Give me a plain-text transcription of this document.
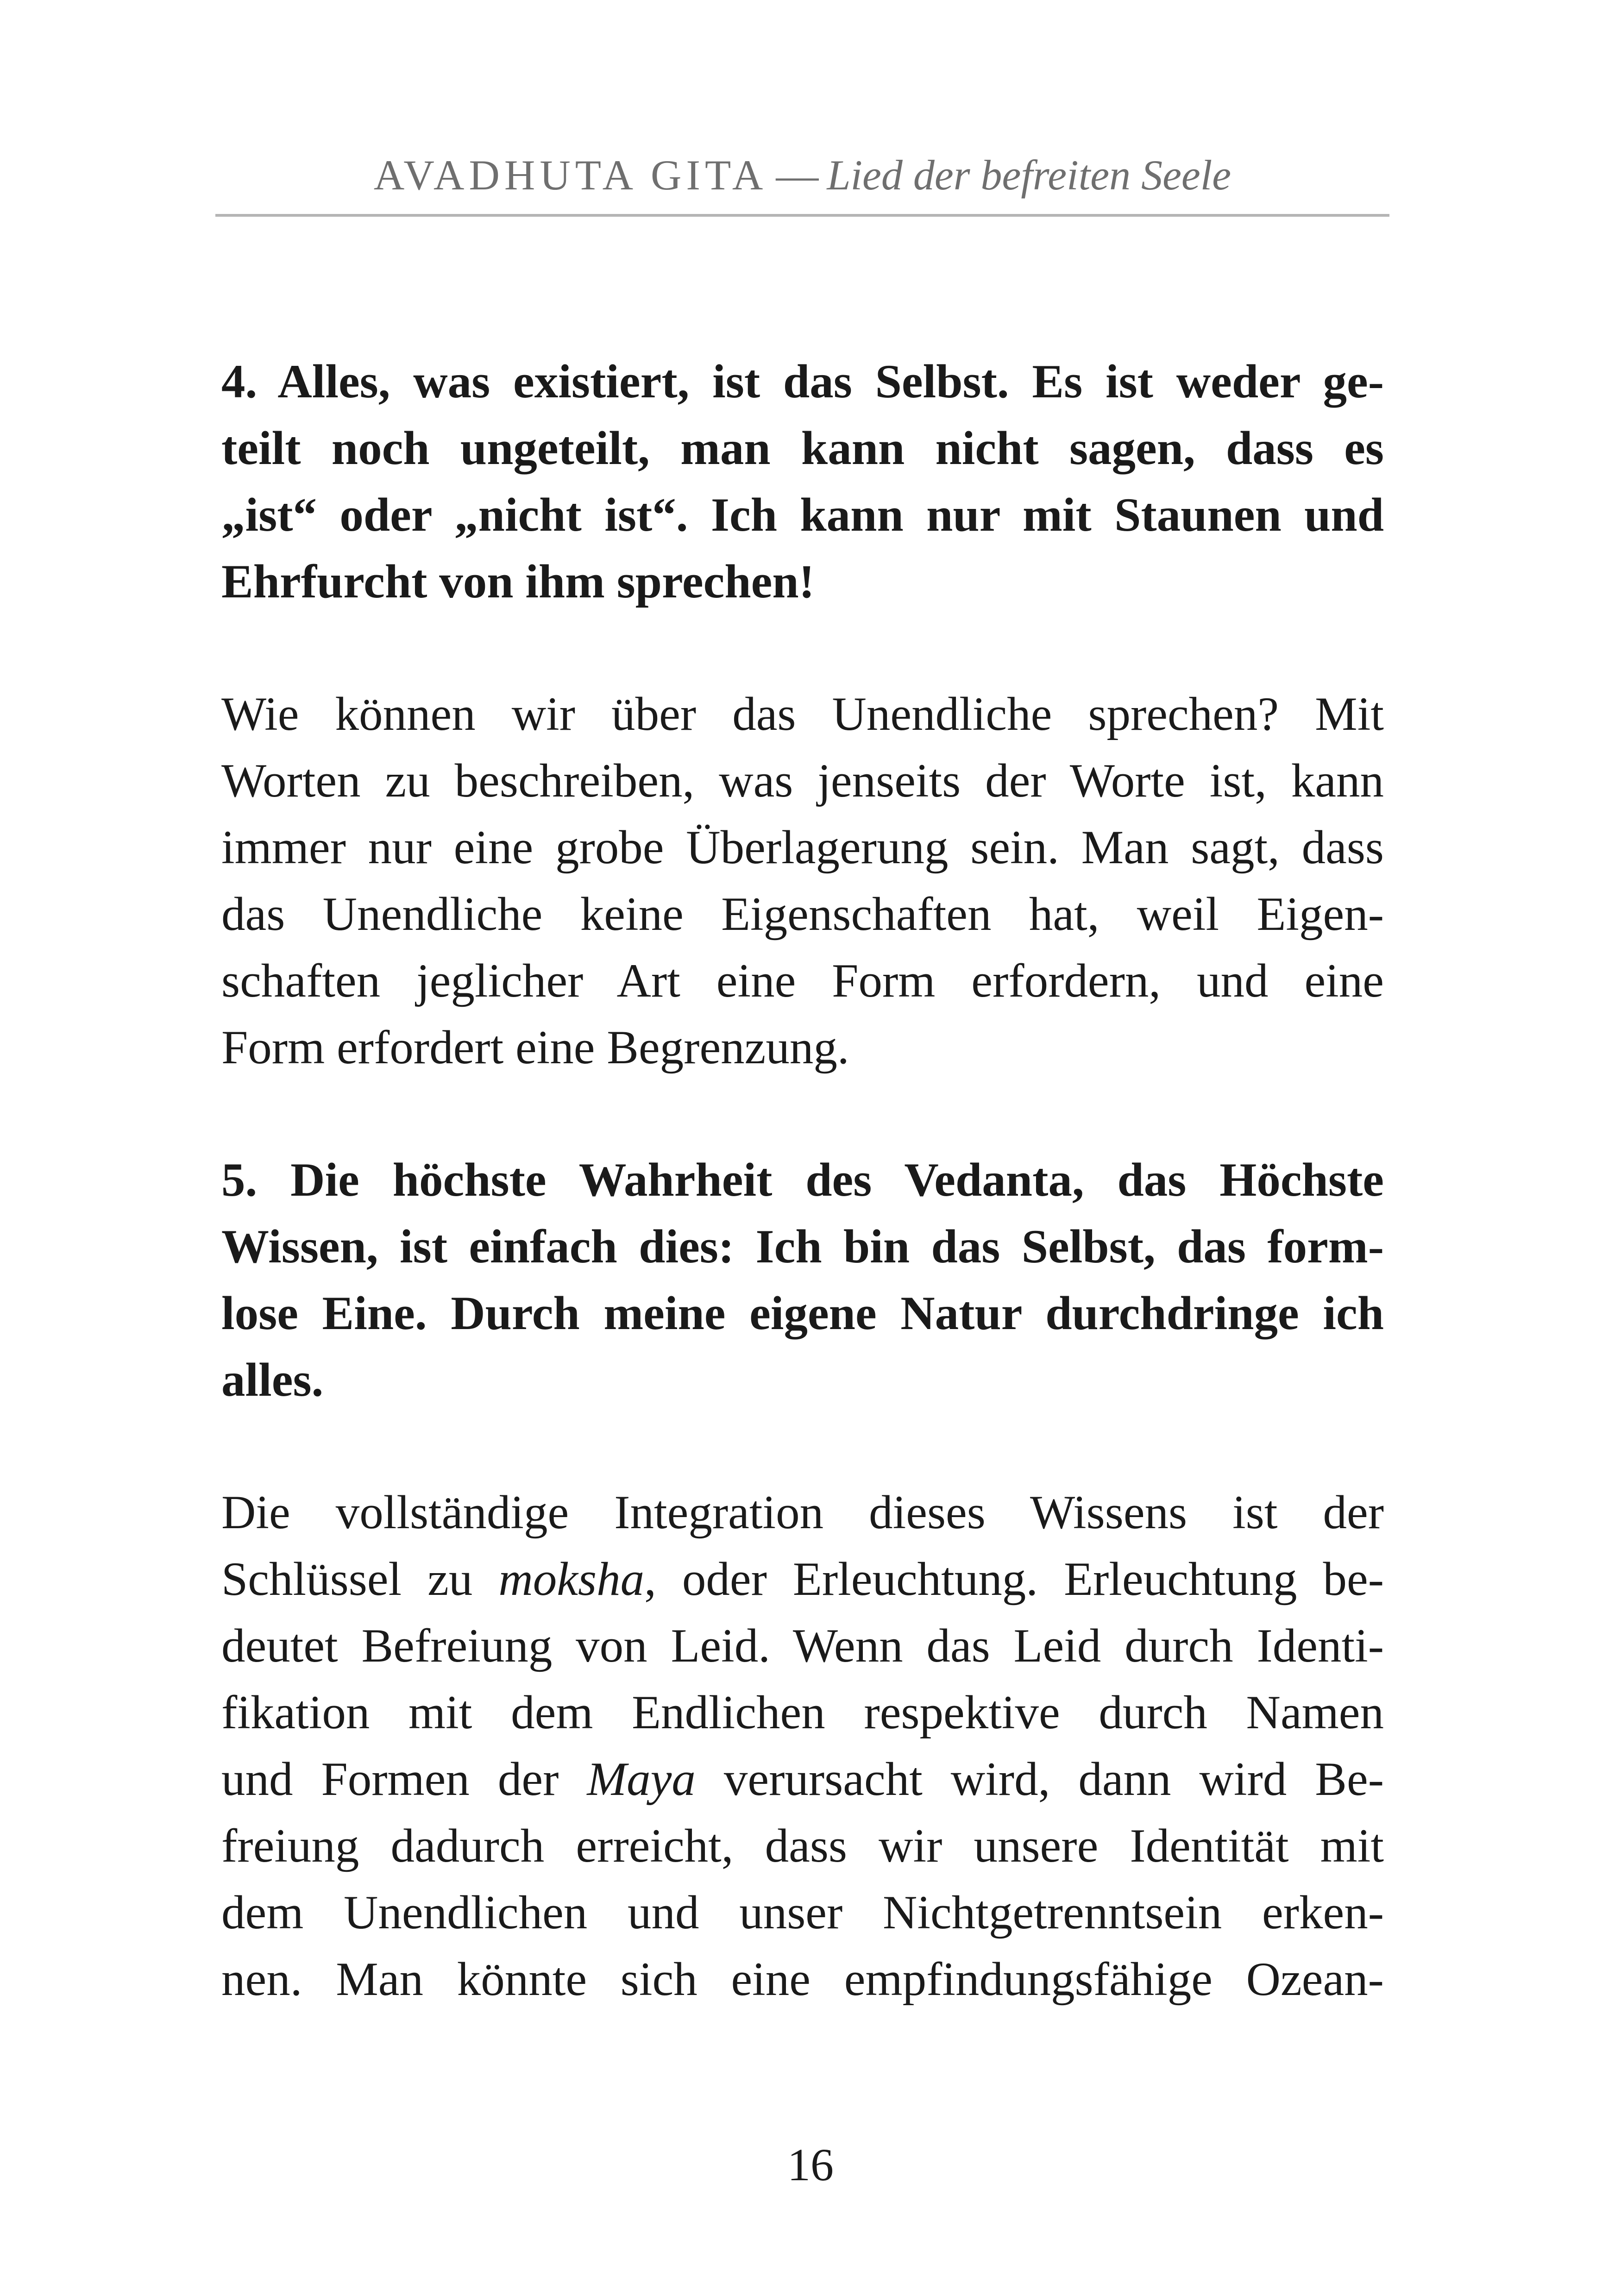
AVADHUTA GITA — Lied der befreiten Seele
4. Alles, was existiert, ist das Selbst. Es ist weder ge-
teilt noch ungeteilt, man kann nicht sagen, dass es
„ist“ oder „nicht ist“. Ich kann nur mit Staunen und
Ehrfurcht von ihm sprechen!
Wie können wir über das Unendliche sprechen? Mit
Worten zu beschreiben, was jenseits der Worte ist, kann
immer nur eine grobe Überlagerung sein. Man sagt, dass
das Unendliche keine Eigenschaften hat, weil Eigen-
schaften jeglicher Art eine Form erfordern, und eine
Form erfordert eine Begrenzung.
5. Die höchste Wahrheit des Vedanta, das Höchste
Wissen, ist einfach dies: Ich bin das Selbst, das form-
lose Eine. Durch meine eigene Natur durchdringe ich
alles.
Die vollständige Integration dieses Wissens ist der
Schlüssel zu moksha, oder Erleuchtung. Erleuchtung be-
deutet Befreiung von Leid. Wenn das Leid durch Identi-
fikation mit dem Endlichen respektive durch Namen
und Formen der Maya verursacht wird, dann wird Be-
freiung dadurch erreicht, dass wir unsere Identität mit
dem Unendlichen und unser Nichtgetrenntsein erken-
nen. Man könnte sich eine empfindungsfähige Ozean-
16
